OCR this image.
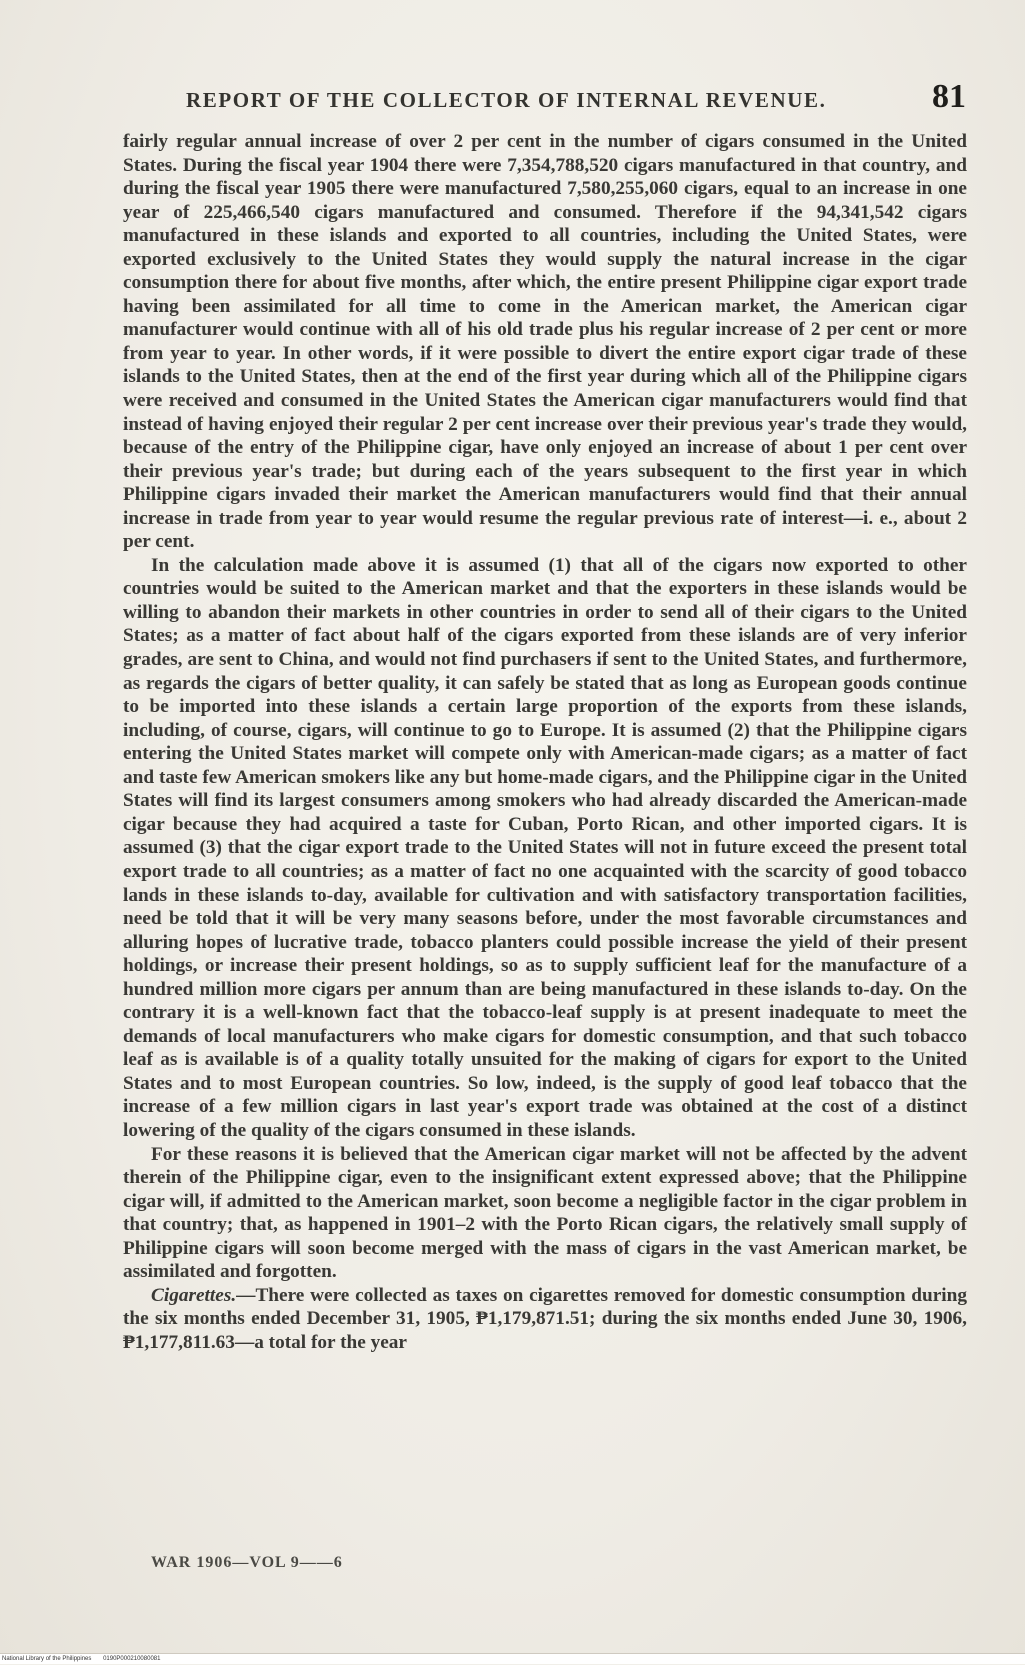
REPORT OF THE COLLECTOR OF INTERNAL REVENUE.	81

fairly regular annual increase of over 2 per cent in the number of cigars consumed in the United States. During the fiscal year 1904 there were 7,354,788,520 cigars manufactured in that country, and during the fiscal year 1905 there were manufactured 7,580,255,060 cigars, equal to an increase in one year of 225,466,540 cigars manufactured and consumed. Therefore if the 94,341,542 cigars manufactured in these islands and exported to all countries, including the United States, were exported exclusively to the United States they would supply the natural increase in the cigar consumption there for about five months, after which, the entire present Philippine cigar export trade having been assimilated for all time to come in the American market, the American cigar manufacturer would continue with all of his old trade plus his regular increase of 2 per cent or more from year to year. In other words, if it were possible to divert the entire export cigar trade of these islands to the United States, then at the end of the first year during which all of the Philippine cigars were received and consumed in the United States the American cigar manufacturers would find that instead of having enjoyed their regular 2 per cent increase over their previous year's trade they would, because of the entry of the Philippine cigar, have only enjoyed an increase of about 1 per cent over their previous year's trade; but during each of the years subsequent to the first year in which Philippine cigars invaded their market the American manufacturers would find that their annual increase in trade from year to year would resume the regular previous rate of interest—i. e., about 2 per cent.

In the calculation made above it is assumed (1) that all of the cigars now exported to other countries would be suited to the American market and that the exporters in these islands would be willing to abandon their markets in other countries in order to send all of their cigars to the United States; as a matter of fact about half of the cigars exported from these islands are of very inferior grades, are sent to China, and would not find purchasers if sent to the United States, and furthermore, as regards the cigars of better quality, it can safely be stated that as long as European goods continue to be imported into these islands a certain large proportion of the exports from these islands, including, of course, cigars, will continue to go to Europe. It is assumed (2) that the Philippine cigars entering the United States market will compete only with American-made cigars; as a matter of fact and taste few American smokers like any but home-made cigars, and the Philippine cigar in the United States will find its largest consumers among smokers who had already discarded the American-made cigar because they had acquired a taste for Cuban, Porto Rican, and other imported cigars. It is assumed (3) that the cigar export trade to the United States will not in future exceed the present total export trade to all countries; as a matter of fact no one acquainted with the scarcity of good tobacco lands in these islands to-day, available for cultivation and with satisfactory transportation facilities, need be told that it will be very many seasons before, under the most favorable circumstances and alluring hopes of lucrative trade, tobacco planters could possible increase the yield of their present holdings, or increase their present holdings, so as to supply sufficient leaf for the manufacture of a hundred million more cigars per annum than are being manufactured in these islands to-day. On the contrary it is a well-known fact that the tobacco-leaf supply is at present inadequate to meet the demands of local manufacturers who make cigars for domestic consumption, and that such tobacco leaf as is available is of a quality totally unsuited for the making of cigars for export to the United States and to most European countries. So low, indeed, is the supply of good leaf tobacco that the increase of a few million cigars in last year's export trade was obtained at the cost of a distinct lowering of the quality of the cigars consumed in these islands.

For these reasons it is believed that the American cigar market will not be affected by the advent therein of the Philippine cigar, even to the insignificant extent expressed above; that the Philippine cigar will, if admitted to the American market, soon become a negligible factor in the cigar problem in that country; that, as happened in 1901–2 with the Porto Rican cigars, the relatively small supply of Philippine cigars will soon become merged with the mass of cigars in the vast American market, be assimilated and forgotten.

Cigarettes.—There were collected as taxes on cigarettes removed for domestic consumption during the six months ended December 31, 1905, ₱1,179,871.51; during the six months ended June 30, 1906, ₱1,177,811.63—a total for the year

WAR 1906—VOL 9——6
National Library of the Philippines 0190P000210080081
